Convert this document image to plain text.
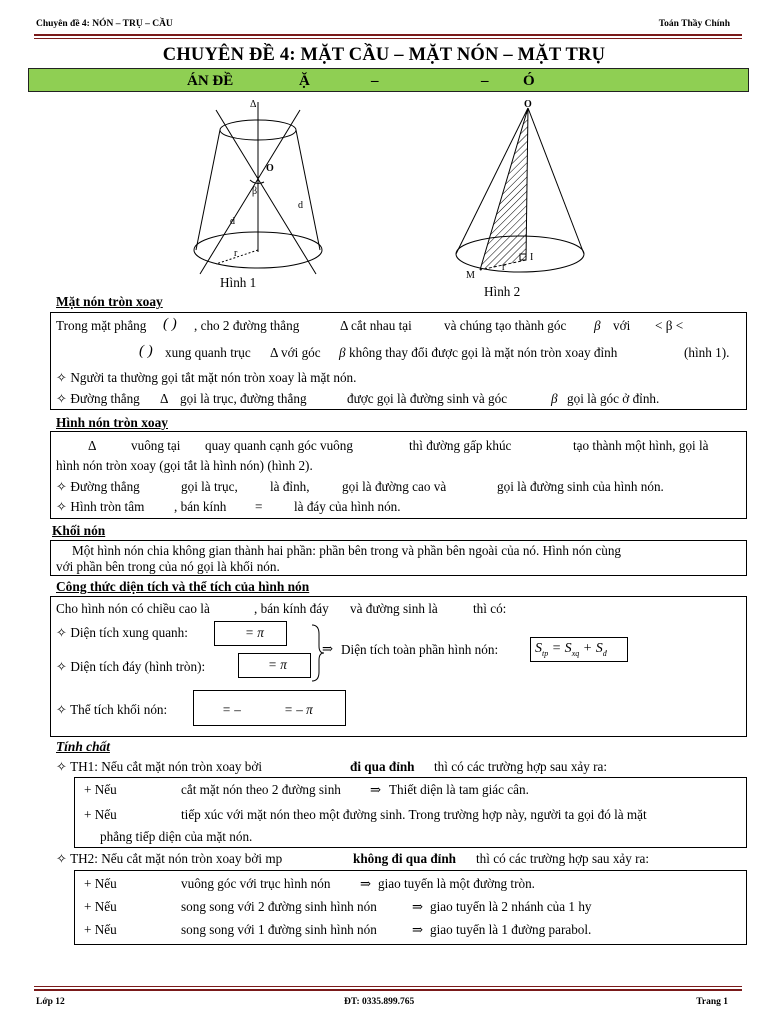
Chuyên đề 4: NÓN – TRỤ – CẦU	Toán Thầy Chính
CHUYÊN ĐỀ 4: MẶT CẦU – MẶT NÓN – MẶT TRỤ
ÁN ĐỀ	Ặ	–	– Ó
Δ
O
β
d
d
r
Hình 1
O
M
r
I
Hình 2
Mặt nón tròn xoay
Trong mặt phẳng ( ) , cho 2 đường thẳng	Δ cắt nhau tại và chúng tạo thành góc β với < β <
( ) xung quanh trục Δ với góc β không thay đổi được gọi là mặt nón tròn xoay đỉnh	(hình 1).
✧ Người ta thường gọi tắt mặt nón tròn xoay là mặt nón.
✧ Đường thẳng Δ gọi là trục, đường thẳng	được gọi là đường sinh và góc	β gọi là góc ở đỉnh.
Hình nón tròn xoay
Δ	vuông tại quay quanh cạnh góc vuông	thì đường gấp khúc	tạo thành một hình, gọi là
hình nón tròn xoay (gọi tắt là hình nón) (hình 2).
✧ Đường thẳng	gọi là trục, là đỉnh, gọi là đường cao và	gọi là đường sinh của hình nón.
✧ Hình tròn tâm , bán kính = là đáy của hình nón.
Khối nón
Một hình nón chia không gian thành hai phần: phần bên trong và phần bên ngoài của nó. Hình nón cùng
với phần bên trong của nó gọi là khối nón.
Công thức diện tích và thể tích của hình nón
Cho hình nón có chiều cao là	, bán kính đáy và đường sinh là	thì có:
✧ Diện tích xung quanh:	= π
✧ Diện tích đáy (hình tròn):	= π
⇒ Diện tích toàn phần hình nón:	$S_{tp} = S_{xq} + S_đ$
✧ Thể tích khối nón:	= –	= – π
Tính chất
✧ TH1: Nếu cắt mặt nón tròn xoay bởi	đi qua đỉnh thì có các trường hợp sau xảy ra:
+ Nếu	cắt mặt nón theo 2 đường sinh ⇒ Thiết diện là tam giác cân.
+ Nếu	tiếp xúc với mặt nón theo một đường sinh. Trong trường hợp này, người ta gọi đó là mặt
phẳng tiếp diện của mặt nón.
✧ TH2: Nếu cắt mặt nón tròn xoay bởi mp	không đi qua đỉnh thì có các trường hợp sau xảy ra:
+ Nếu	vuông góc với trục hình nón ⇒ giao tuyến là một đường tròn.
+ Nếu	song song với 2 đường sinh hình nón	⇒ giao tuyến là 2 nhánh của 1 hy
+ Nếu	song song với 1 đường sinh hình nón	⇒ giao tuyến là 1 đường parabol.
Lớp 12	ĐT: 0335.899.765	Trang 1
